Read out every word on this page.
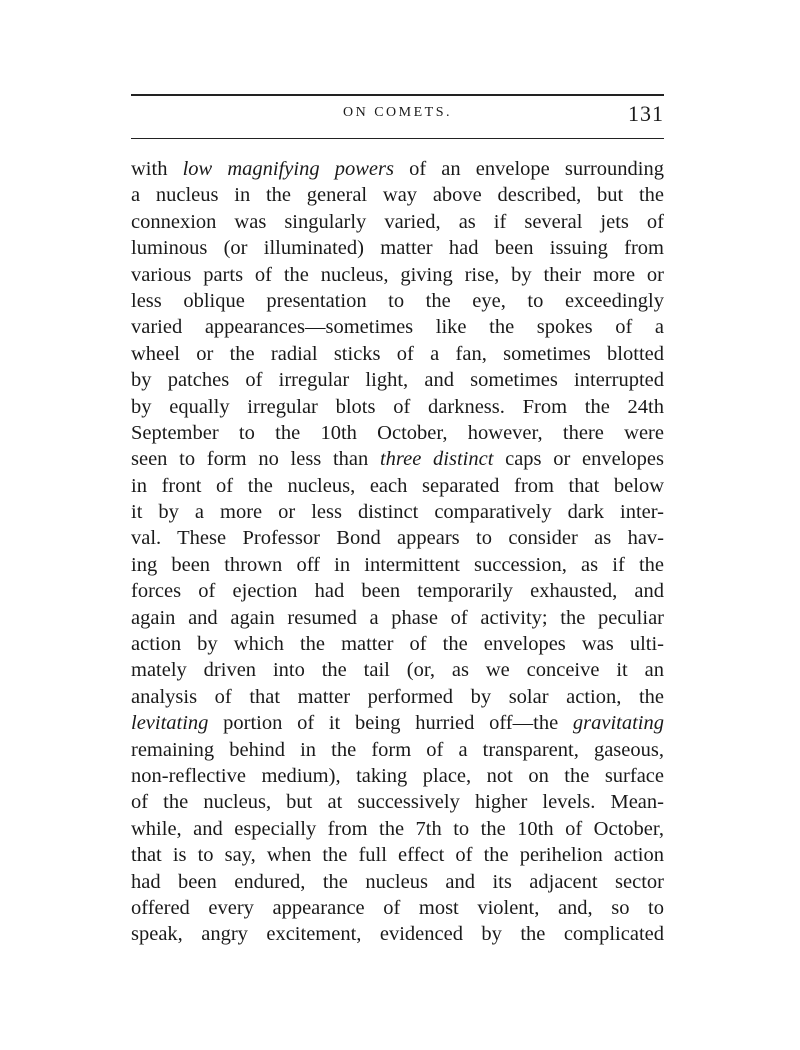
ON COMETS.	131
with low magnifying powers of an envelope surrounding
a nucleus in the general way above described, but the
connexion was singularly varied, as if several jets of
luminous (or illuminated) matter had been issuing from
various parts of the nucleus, giving rise, by their more or
less oblique presentation to the eye, to exceedingly
varied appearances—sometimes like the spokes of a
wheel or the radial sticks of a fan, sometimes blotted
by patches of irregular light, and sometimes interrupted
by equally irregular blots of darkness. From the 24th
September to the 10th October, however, there were
seen to form no less than three distinct caps or envelopes
in front of the nucleus, each separated from that below
it by a more or less distinct comparatively dark inter-
val. These Professor Bond appears to consider as hav-
ing been thrown off in intermittent succession, as if the
forces of ejection had been temporarily exhausted, and
again and again resumed a phase of activity; the peculiar
action by which the matter of the envelopes was ulti-
mately driven into the tail (or, as we conceive it an
analysis of that matter performed by solar action, the
levitating portion of it being hurried off—the gravitating
remaining behind in the form of a transparent, gaseous,
non-reflective medium), taking place, not on the surface
of the nucleus, but at successively higher levels. Mean-
while, and especially from the 7th to the 10th of October,
that is to say, when the full effect of the perihelion action
had been endured, the nucleus and its adjacent sector
offered every appearance of most violent, and, so to
speak, angry excitement, evidenced by the complicated
